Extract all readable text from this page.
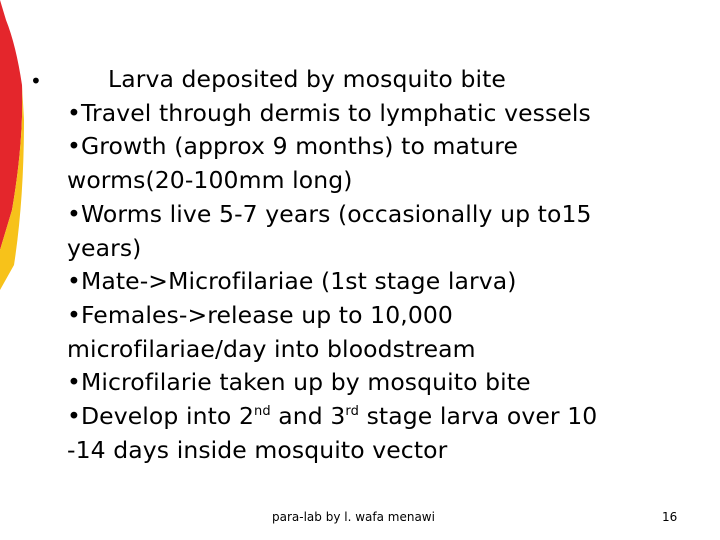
•	Larva deposited by mosquito bite
•Travel through dermis to lymphatic vessels
•Growth (approx 9 months) to mature
worms(20-100mm long)
•Worms live 5-7 years (occasionally up to15
years)
•Mate->Microfilariae (1st stage larva)
•Females->release up to 10,000
microfilariae/day into bloodstream
•Microfilarie taken up by mosquito bite
•Develop into 2nd and 3rd stage larva over 10
-14 days inside mosquito vector
para-lab by l. wafa menawi	16
